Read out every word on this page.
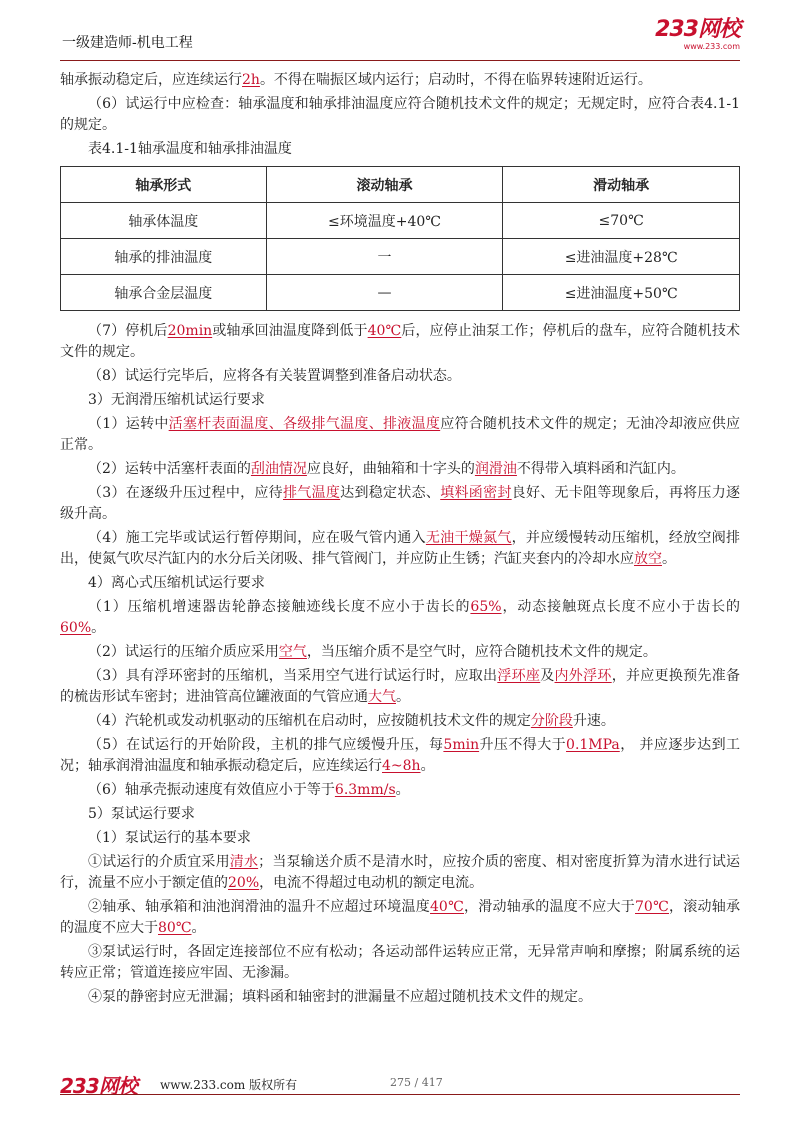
一级建造师-机电工程
233网校
www.233.com

轴承振动稳定后，应连续运行2h。不得在喘振区域内运行；启动时，不得在临界转速附近运行。

（6）试运行中应检查：轴承温度和轴承排油温度应符合随机技术文件的规定；无规定时，应符合表4.1-1的规定。

表4.1-1轴承温度和轴承排油温度
轴承形式	滚动轴承	滑动轴承
轴承体温度	≤环境温度+40℃	≤70℃
轴承的排油温度	一	≤进油温度+28℃
轴承合金层温度	—	≤进油温度+50℃

（7）停机后20min或轴承回油温度降到低于40℃后，应停止油泵工作；停机后的盘车，应符合随机技术文件的规定。

（8）试运行完毕后，应将各有关装置调整到准备启动状态。

3）无润滑压缩机试运行要求

（1）运转中活塞杆表面温度、各级排气温度、排液温度应符合随机技术文件的规定；无油冷却液应供应正常。

（2）运转中活塞杆表面的刮油情况应良好，曲轴箱和十字头的润滑油不得带入填料函和汽缸内。

（3）在逐级升压过程中，应待排气温度达到稳定状态、填料函密封良好、无卡阻等现象后，再将压力逐级升高。

（4）施工完毕或试运行暂停期间，应在吸气管内通入无油干燥氮气，并应缓慢转动压缩机，经放空阀排出，使氮气吹尽汽缸内的水分后关闭吸、排气管阀门，并应防止生锈；汽缸夹套内的冷却水应放空。

4）离心式压缩机试运行要求

（1）压缩机增速器齿轮静态接触迹线长度不应小于齿长的65%，动态接触斑点长度不应小于齿长的60%。

（2）试运行的压缩介质应采用空气，当压缩介质不是空气时，应符合随机技术文件的规定。

（3）具有浮环密封的压缩机，当采用空气进行试运行时，应取出浮环座及内外浮环，并应更换预先准备的梳齿形试车密封；进油管高位罐液面的气管应通大气。

（4）汽轮机或发动机驱动的压缩机在启动时，应按随机技术文件的规定分阶段升速。

（5）在试运行的开始阶段，主机的排气应缓慢升压，每5min升压不得大于0.1MPa， 并应逐步达到工况；轴承润滑油温度和轴承振动稳定后，应连续运行4~8h。

（6）轴承壳振动速度有效值应小于等于6.3mm/s。

5）泵试运行要求

（1）泵试运行的基本要求

①试运行的介质宜采用清水；当泵输送介质不是清水时，应按介质的密度、相对密度折算为清水进行试运行，流量不应小于额定值的20%，电流不得超过电动机的额定电流。

②轴承、轴承箱和油池润滑油的温升不应超过环境温度40℃，滑动轴承的温度不应大于70℃，滚动轴承的温度不应大于80℃。

③泵试运行时，各固定连接部位不应有松动；各运动部件运转应正常，无异常声响和摩擦；附属系统的运转应正常；管道连接应牢固、无渗漏。

④泵的静密封应无泄漏；填料函和轴密封的泄漏量不应超过随机技术文件的规定。

233网校 www.233.com 版权所有	275 / 417
